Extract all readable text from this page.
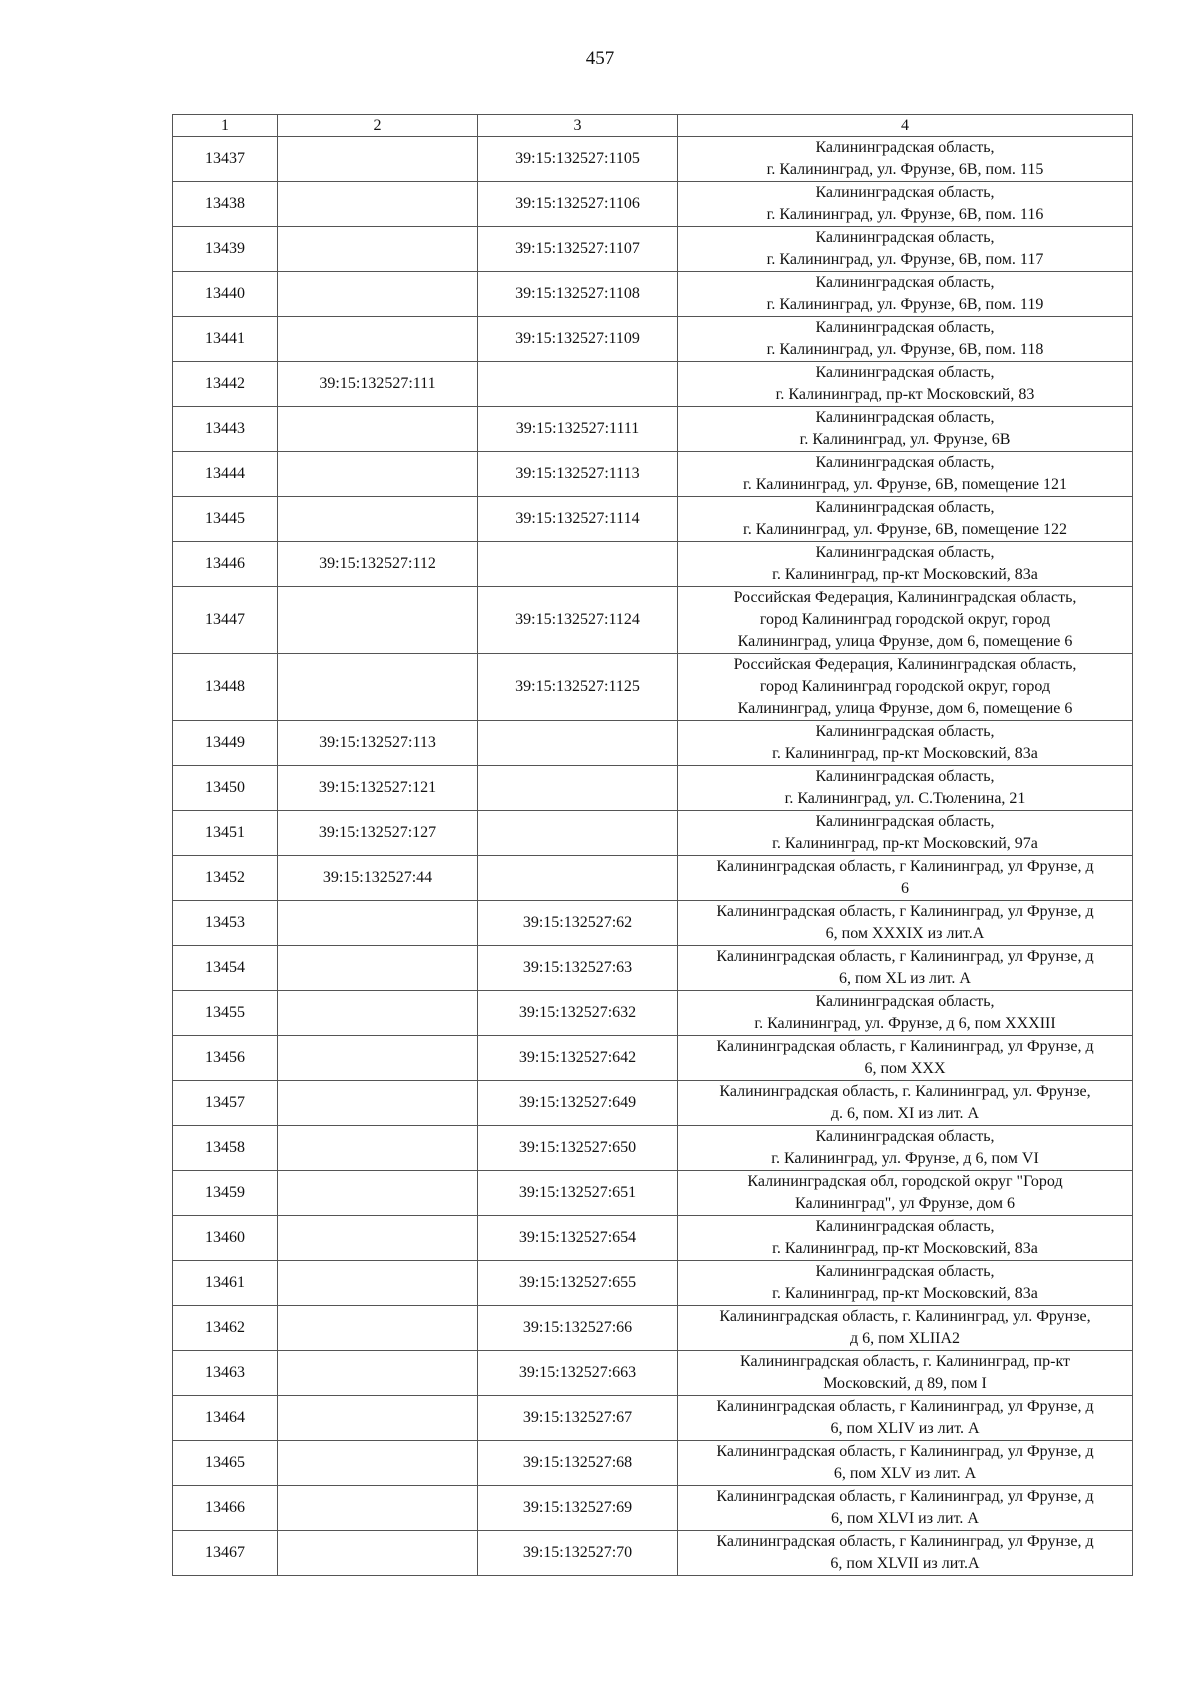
457
1	2	3	4
13437		39:15:132527:1105	Калининградская область,
г. Калининград, ул. Фрунзе, 6В, пом. 115
13438		39:15:132527:1106	Калининградская область,
г. Калининград, ул. Фрунзе, 6В, пом. 116
13439		39:15:132527:1107	Калининградская область,
г. Калининград, ул. Фрунзе, 6В, пом. 117
13440		39:15:132527:1108	Калининградская область,
г. Калининград, ул. Фрунзе, 6В, пом. 119
13441		39:15:132527:1109	Калининградская область,
г. Калининград, ул. Фрунзе, 6В, пом. 118
13442	39:15:132527:111		Калининградская область,
г. Калининград, пр-кт Московский, 83
13443		39:15:132527:1111	Калининградская область,
г. Калининград, ул. Фрунзе, 6В
13444		39:15:132527:1113	Калининградская область,
г. Калининград, ул. Фрунзе, 6В, помещение 121
13445		39:15:132527:1114	Калининградская область,
г. Калининград, ул. Фрунзе, 6В, помещение 122
13446	39:15:132527:112		Калининградская область,
г. Калининград, пр-кт Московский, 83а
13447		39:15:132527:1124	Российская Федерация, Калининградская область,
город Калининград городской округ, город
Калининград, улица Фрунзе, дом 6, помещение 6
13448		39:15:132527:1125	Российская Федерация, Калининградская область,
город Калининград городской округ, город
Калининград, улица Фрунзе, дом 6, помещение 6
13449	39:15:132527:113		Калининградская область,
г. Калининград, пр-кт Московский, 83а
13450	39:15:132527:121		Калининградская область,
г. Калининград, ул. С.Тюленина, 21
13451	39:15:132527:127		Калининградская область,
г. Калининград, пр-кт Московский, 97а
13452	39:15:132527:44		Калининградская область, г Калининград, ул Фрунзе, д
6
13453		39:15:132527:62	Калининградская область, г Калининград, ул Фрунзе, д
6, пом XXXIX из лит.А
13454		39:15:132527:63	Калининградская область, г Калининград, ул Фрунзе, д
6, пом XL из лит. А
13455		39:15:132527:632	Калининградская область,
г. Калининград, ул. Фрунзе, д 6, пом XXXIII
13456		39:15:132527:642	Калининградская область, г Калининград, ул Фрунзе, д
6, пом XXX
13457		39:15:132527:649	Калининградская область, г. Калининград, ул. Фрунзе,
д. 6, пом. XI из лит. А
13458		39:15:132527:650	Калининградская область,
г. Калининград, ул. Фрунзе, д 6, пом VI
13459		39:15:132527:651	Калининградская обл, городской округ "Город
Калининград", ул Фрунзе, дом 6
13460		39:15:132527:654	Калининградская область,
г. Калининград, пр-кт Московский, 83а
13461		39:15:132527:655	Калининградская область,
г. Калининград, пр-кт Московский, 83а
13462		39:15:132527:66	Калининградская область, г. Калининград, ул. Фрунзе,
д 6, пом XLIIA2
13463		39:15:132527:663	Калининградская область, г. Калининград, пр-кт
Московский, д 89, пом I
13464		39:15:132527:67	Калининградская область, г Калининград, ул Фрунзе, д
6, пом XLIV из лит. А
13465		39:15:132527:68	Калининградская область, г Калининград, ул Фрунзе, д
6, пом XLV из лит. А
13466		39:15:132527:69	Калининградская область, г Калининград, ул Фрунзе, д
6, пом XLVI из лит. А
13467		39:15:132527:70	Калининградская область, г Калининград, ул Фрунзе, д
6, пом XLVII из лит.А
